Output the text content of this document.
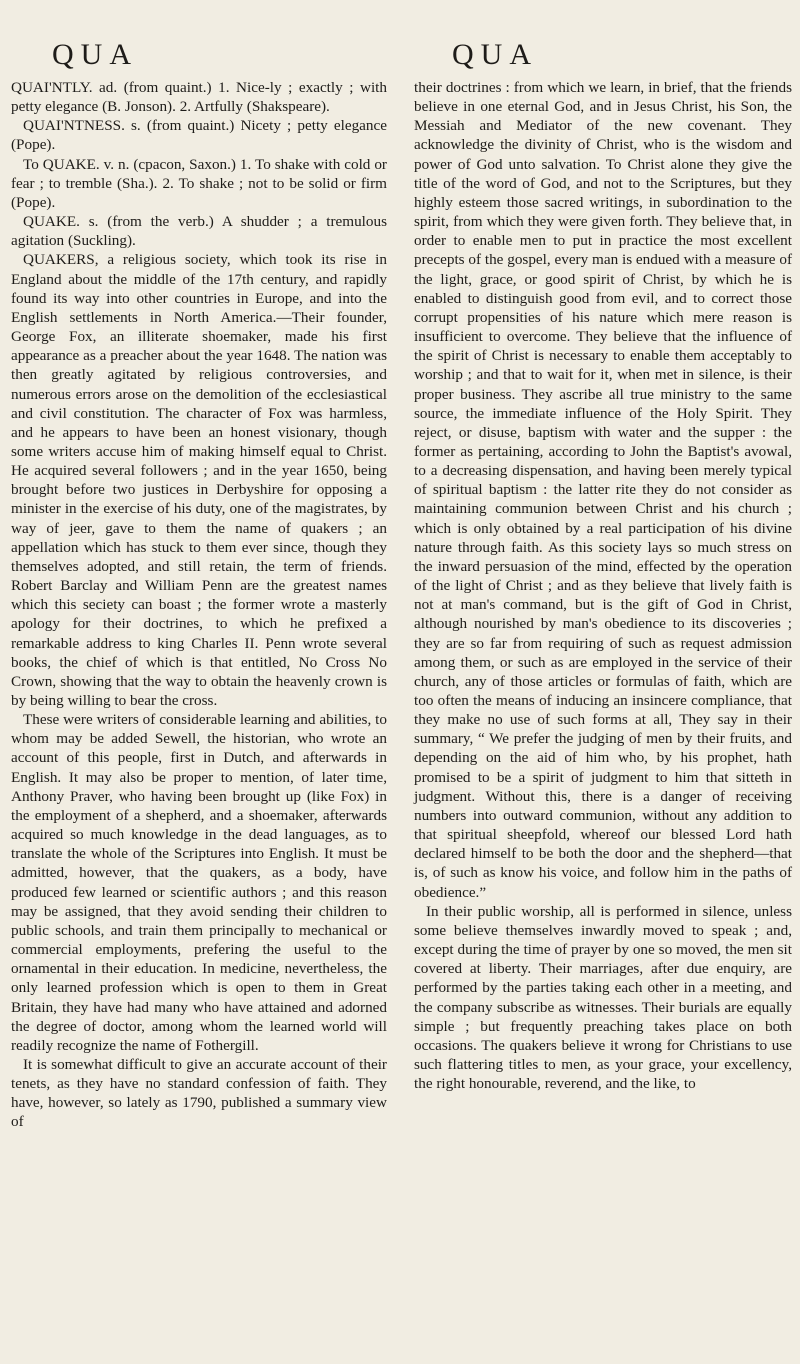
QUA

QUAI'NTLY. ad. (from quaint.) 1. Nice-ly ; exactly ; with petty elegance (B. Jonson). 2. Artfully (Shakspeare).

QUAI'NTNESS. s. (from quaint.) Nicety ; petty elegance (Pope).

To QUAKE. v. n. (cpacon, Saxon.) 1. To shake with cold or fear ; to tremble (Sha.). 2. To shake ; not to be solid or firm (Pope).

QUAKE. s. (from the verb.) A shudder ; a tremulous agitation (Suckling).

QUAKERS, a religious society, which took its rise in England about the middle of the 17th century, and rapidly found its way into other countries in Europe, and into the English settlements in North America.—Their founder, George Fox, an illiterate shoemaker, made his first appearance as a preacher about the year 1648. The nation was then greatly agitated by religious controversies, and numerous errors arose on the demolition of the ecclesiastical and civil constitution. The character of Fox was harmless, and he appears to have been an honest visionary, though some writers accuse him of making himself equal to Christ. He acquired several followers ; and in the year 1650, being brought before two justices in Derbyshire for opposing a minister in the exercise of his duty, one of the magistrates, by way of jeer, gave to them the name of quakers ; an appellation which has stuck to them ever since, though they themselves adopted, and still retain, the term of friends. Robert Barclay and William Penn are the greatest names which this seciety can boast ; the former wrote a masterly apology for their doctrines, to which he prefixed a remarkable address to king Charles II. Penn wrote several books, the chief of which is that entitled, No Cross No Crown, showing that the way to obtain the heavenly crown is by being willing to bear the cross.

These were writers of considerable learning and abilities, to whom may be added Sewell, the historian, who wrote an account of this people, first in Dutch, and afterwards in English. It may also be proper to mention, of later time, Anthony Praver, who having been brought up (like Fox) in the employment of a shepherd, and a shoemaker, afterwards acquired so much knowledge in the dead languages, as to translate the whole of the Scriptures into English. It must be admitted, however, that the quakers, as a body, have produced few learned or scientific authors ; and this reason may be assigned, that they avoid sending their children to public schools, and train them principally to mechanical or commercial employments, prefering the useful to the ornamental in their education. In medicine, nevertheless, the only learned profession which is open to them in Great Britain, they have had many who have attained and adorned the degree of doctor, among whom the learned world will readily recognize the name of Fothergill.

It is somewhat difficult to give an accurate account of their tenets, as they have no standard confession of faith. They have, however, so lately as 1790, published a summary view of

QUA

their doctrines : from which we learn, in brief, that the friends believe in one eternal God, and in Jesus Christ, his Son, the Messiah and Mediator of the new covenant. They acknowledge the divinity of Christ, who is the wisdom and power of God unto salvation. To Christ alone they give the title of the word of God, and not to the Scriptures, but they highly esteem those sacred writings, in subordination to the spirit, from which they were given forth. They believe that, in order to enable men to put in practice the most excellent precepts of the gospel, every man is endued with a measure of the light, grace, or good spirit of Christ, by which he is enabled to distinguish good from evil, and to correct those corrupt propensities of his nature which mere reason is insufficient to overcome. They believe that the influence of the spirit of Christ is necessary to enable them acceptably to worship ; and that to wait for it, when met in silence, is their proper business. They ascribe all true ministry to the same source, the immediate influence of the Holy Spirit. They reject, or disuse, baptism with water and the supper : the former as pertaining, according to John the Baptist's avowal, to a decreasing dispensation, and having been merely typical of spiritual baptism : the latter rite they do not consider as maintaining communion between Christ and his church ; which is only obtained by a real participation of his divine nature through faith. As this society lays so much stress on the inward persuasion of the mind, effected by the operation of the light of Christ ; and as they believe that lively faith is not at man's command, but is the gift of God in Christ, although nourished by man's obedience to its discoveries ; they are so far from requiring of such as request admission among them, or such as are employed in the service of their church, any of those articles or formulas of faith, which are too often the means of inducing an insincere compliance, that they make no use of such forms at all, They say in their summary, “ We prefer the judging of men by their fruits, and depending on the aid of him who, by his prophet, hath promised to be a spirit of judgment to him that sitteth in judgment. Without this, there is a danger of receiving numbers into outward communion, without any addition to that spiritual sheepfold, whereof our blessed Lord hath declared himself to be both the door and the shepherd—that is, of such as know his voice, and follow him in the paths of obedience.”

In their public worship, all is performed in silence, unless some believe themselves inwardly moved to speak ; and, except during the time of prayer by one so moved, the men sit covered at liberty. Their marriages, after due enquiry, are performed by the parties taking each other in a meeting, and the company subscribe as witnesses. Their burials are equally simple ; but frequently preaching takes place on both occasions. The quakers believe it wrong for Christians to use such flattering titles to men, as your grace, your excellency, the right honourable, reverend, and the like, to
